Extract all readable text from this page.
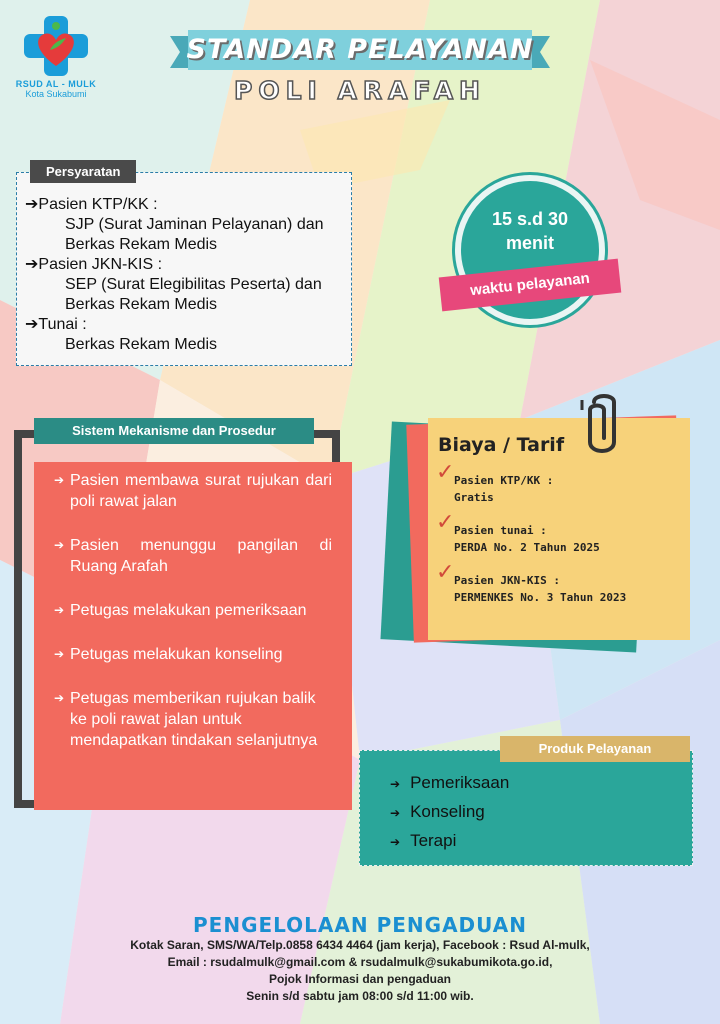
RSUD AL - MULK
Kota Sukabumi
STANDAR PELAYANAN
POLI ARAFAH
Persyaratan
➔Pasien KTP/KK :
SJP (Surat Jaminan Pelayanan) dan
Berkas Rekam Medis
➔Pasien JKN-KIS :
SEP (Surat Elegibilitas Peserta) dan
Berkas Rekam Medis
➔Tunai :
Berkas Rekam Medis
15 s.d 30
menit
waktu pelayanan
Sistem Mekanisme dan Prosedur
➔ Pasien membawa surat rujukan dari poli rawat jalan
➔ Pasien menunggu pangilan di Ruang Arafah
➔ Petugas melakukan pemeriksaan
➔ Petugas melakukan konseling
➔ Petugas memberikan rujukan balik ke poli rawat jalan untuk mendapatkan tindakan selanjutnya
Biaya / Tarif
✓ Pasien KTP/KK :
Gratis
✓ Pasien tunai :
PERDA No. 2 Tahun 2025
✓ Pasien JKN-KIS :
PERMENKES No. 3 Tahun 2023
➔ Pemeriksaan
➔ Konseling
➔ Terapi
Produk Pelayanan
PENGELOLAAN PENGADUAN
Kotak Saran, SMS/WA/Telp.0858 6434 4464 (jam kerja), Facebook : Rsud Al-mulk,
Email : rsudalmulk@gmail.com & rsudalmulk@sukabumikota.go.id,
Pojok Informasi dan pengaduan
Senin s/d sabtu jam 08:00 s/d 11:00 wib.
